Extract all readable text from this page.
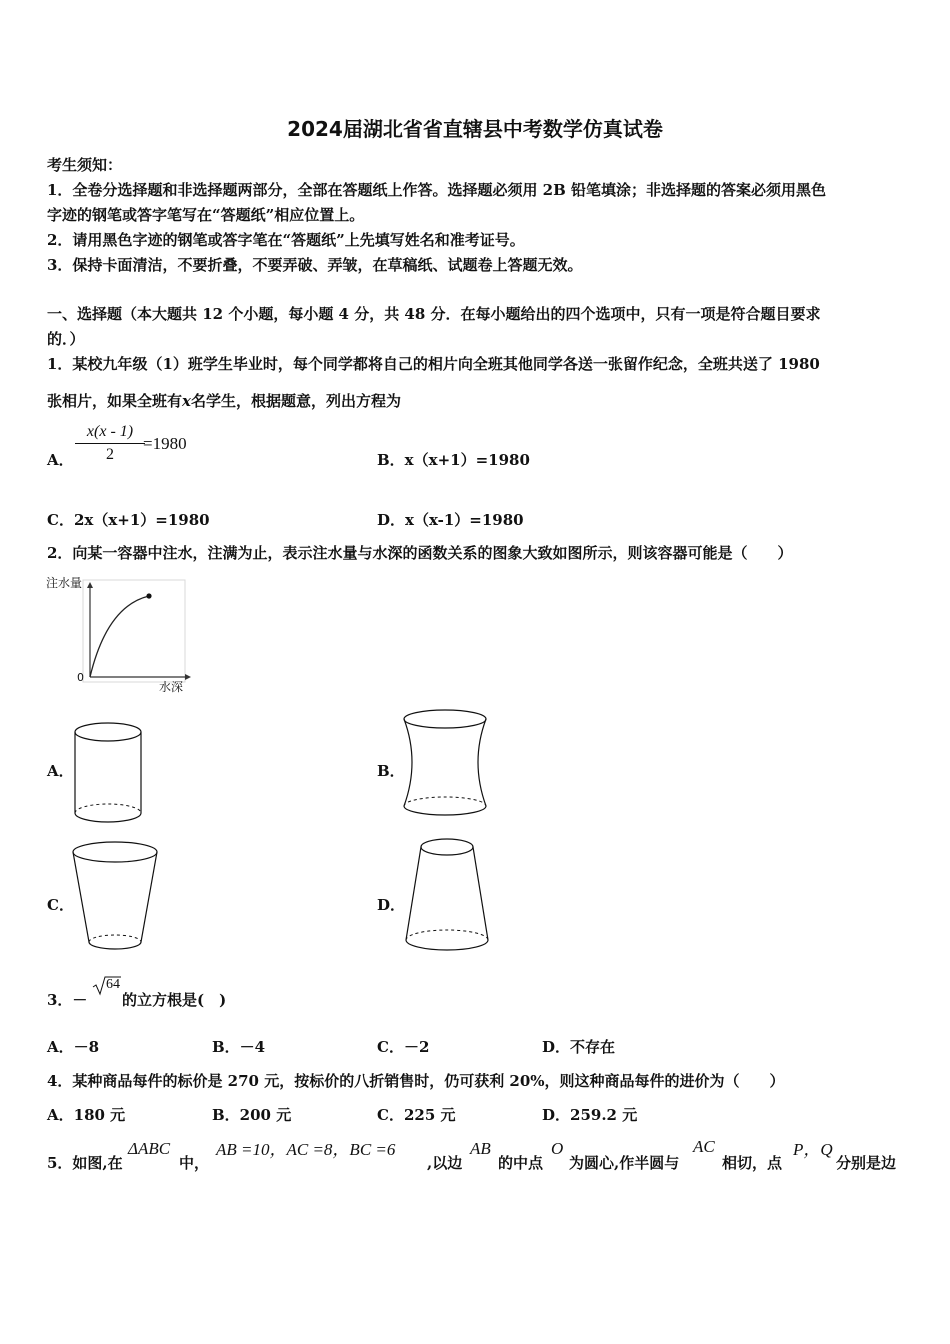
2024届湖北省省直辖县中考数学仿真试卷
考生须知：
1．全卷分选择题和非选择题两部分，全部在答题纸上作答。选择题必须用 2B 铅笔填涂；非选择题的答案必须用黑色
字迹的钢笔或答字笔写在“答题纸”相应位置上。
2．请用黑色字迹的钢笔或答字笔在“答题纸”上先填写姓名和准考证号。
3．保持卡面清洁，不要折叠，不要弄破、弄皱，在草稿纸、试题卷上答题无效。
一、选择题（本大题共 12 个小题，每小题 4 分，共 48 分．在每小题给出的四个选项中，只有一项是符合题目要求
的．）
1．某校九年级（1）班学生毕业时，每个同学都将自己的相片向全班其他同学各送一张留作纪念，全班共送了 1980
张相片，如果全班有x名学生，根据题意，列出方程为
A． $\frac{x(x - 1)}{2}$
=1980
B．x（x+1）=1980
C．2x（x+1）=1980	D．x（x-1）=1980
2．向某一容器中注水，注满为止，表示注水量与水深的函数关系的图象大致如图所示，则该容器可能是（　　）
注水量
水深
0
A．	B．
C．	D．
3．－
64
的立方根是(　)
A．－8	B．－4	C．－2	D．不存在
4．某种商品每件的标价是 270 元，按标价的八折销售时，仍可获利 20%，则这种商品每件的进价为（　　）
A．180 元	B．200 元	C．225 元	D．259.2 元
5．如图,在
ΔABC
中，
AB =10，AC =8，BC =6
,以边
AB
的中点
O
为圆心,作半圆与
AC
相切，点
P，Q
分别是边
